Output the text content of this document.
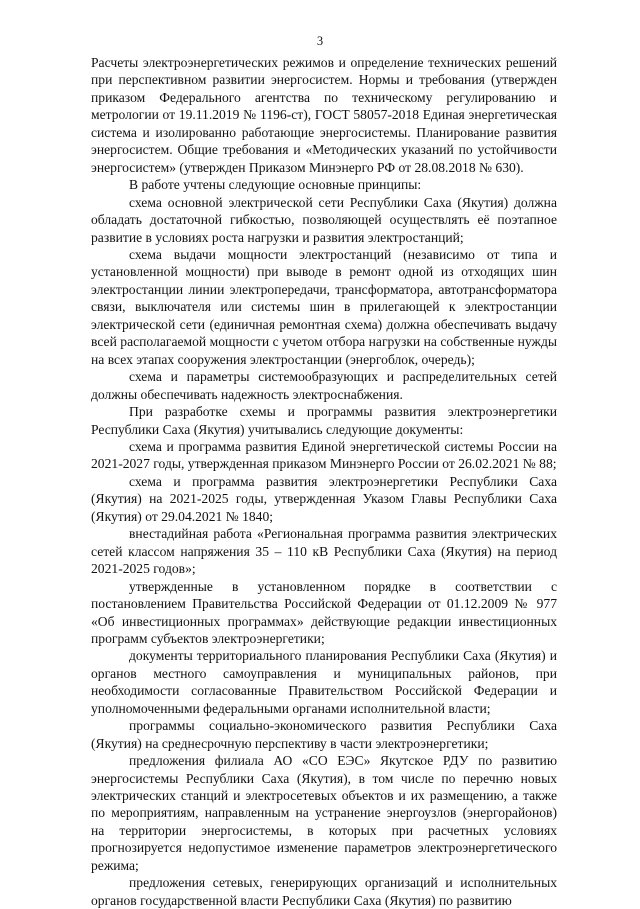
3

Расчеты электроэнергетических режимов и определение технических решений при перспективном развитии энергосистем. Нормы и требования (утвержден приказом Федерального агентства по техническому регулированию и метрологии от 19.11.2019 № 1196-ст), ГОСТ 58057-2018 Единая энергетическая система и изолированно работающие энергосистемы. Планирование развития энергосистем. Общие требования и «Методических указаний по устойчивости энергосистем» (утвержден Приказом Минэнерго РФ от 28.08.2018 № 630).

В работе учтены следующие основные принципы:

схема основной электрической сети Республики Саха (Якутия) должна обладать достаточной гибкостью, позволяющей осуществлять её поэтапное развитие в условиях роста нагрузки и развития электростанций;

схема выдачи мощности электростанций (независимо от типа и установленной мощности) при выводе в ремонт одной из отходящих шин электростанции линии электропередачи, трансформатора, автотрансформатора связи, выключателя или системы шин в прилегающей к электростанции электрической сети (единичная ремонтная схема) должна обеспечивать выдачу всей располагаемой мощности с учетом отбора нагрузки на собственные нужды на всех этапах сооружения электростанции (энергоблок, очередь);

схема и параметры системообразующих и распределительных сетей должны обеспечивать надежность электроснабжения.

При разработке схемы и программы развития электроэнергетики Республики Саха (Якутия) учитывались следующие документы:

схема и программа развития Единой энергетической системы России на 2021-2027 годы, утвержденная приказом Минэнерго России от 26.02.2021 № 88;

схема и программа развития электроэнергетики Республики Саха (Якутия) на 2021-2025 годы, утвержденная Указом Главы Республики Саха (Якутия) от 29.04.2021 № 1840;

внестадийная работа «Региональная программа развития электрических сетей классом напряжения 35 – 110 кВ Республики Саха (Якутия) на период 2021-2025 годов»;

утвержденные в установленном порядке в соответствии с постановлением Правительства Российской Федерации от 01.12.2009 № 977 «Об инвестиционных программах» действующие редакции инвестиционных программ субъектов электроэнергетики;

документы территориального планирования Республики Саха (Якутия) и органов местного самоуправления и муниципальных районов, при необходимости согласованные Правительством Российской Федерации и уполномоченными федеральными органами исполнительной власти;

программы социально-экономического развития Республики Саха (Якутия) на среднесрочную перспективу в части электроэнергетики;

предложения филиала АО «СО ЕЭС» Якутское РДУ по развитию энергосистемы Республики Саха (Якутия), в том числе по перечню новых электрических станций и электросетевых объектов и их размещению, а также по мероприятиям, направленным на устранение энергоузлов (энергорайонов) на территории энергосистемы, в которых при расчетных условиях прогнозируется недопустимое изменение параметров электроэнергетического режима;

предложения сетевых, генерирующих организаций и исполнительных органов государственной власти Республики Саха (Якутия) по развитию
